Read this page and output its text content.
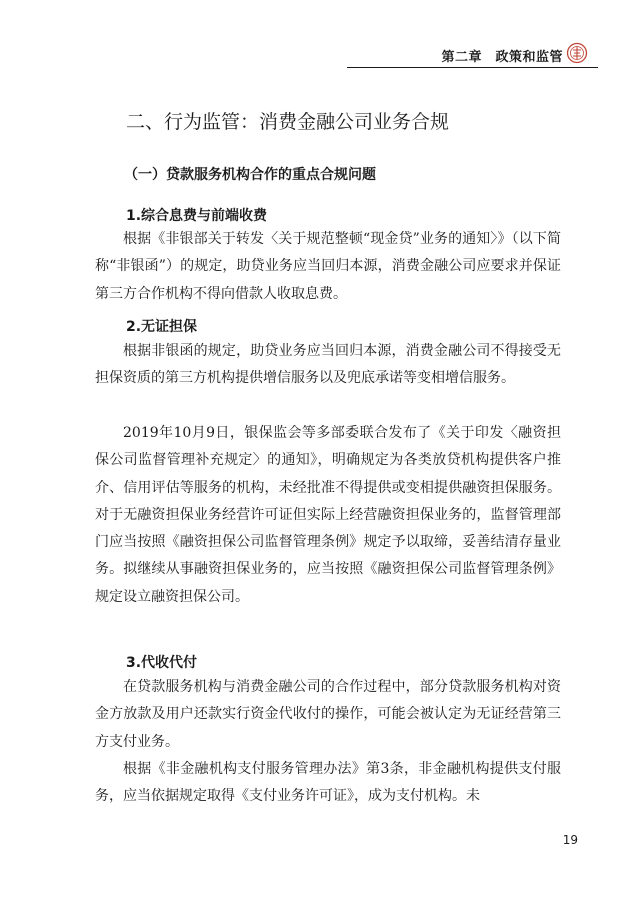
第二章　政策和监管
二、行为监管：消费金融公司业务合规
（一）贷款服务机构合作的重点合规问题
1.综合息费与前端收费

根据《非银部关于转发〈关于规范整顿“现金贷”业务的通知〉》（以下简称“非银函”）的规定，助贷业务应当回归本源，消费金融公司应要求并保证第三方合作机构不得向借款人收取息费。

2.无证担保

根据非银函的规定，助贷业务应当回归本源，消费金融公司不得接受无担保资质的第三方机构提供增信服务以及兜底承诺等变相增信服务。

2019年10月9日，银保监会等多部委联合发布了《关于印发〈融资担保公司监督管理补充规定〉的通知》，明确规定为各类放贷机构提供客户推介、信用评估等服务的机构，未经批准不得提供或变相提供融资担保服务。对于无融资担保业务经营许可证但实际上经营融资担保业务的，监督管理部门应当按照《融资担保公司监督管理条例》规定予以取缔，妥善结清存量业务。拟继续从事融资担保业务的，应当按照《融资担保公司监督管理条例》规定设立融资担保公司。

3.代收代付

在贷款服务机构与消费金融公司的合作过程中，部分贷款服务机构对资金方放款及用户还款实行资金代收付的操作，可能会被认定为无证经营第三方支付业务。

根据《非金融机构支付服务管理办法》第3条，非金融机构提供支付服务，应当依据规定取得《支付业务许可证》，成为支付机构。未

19
